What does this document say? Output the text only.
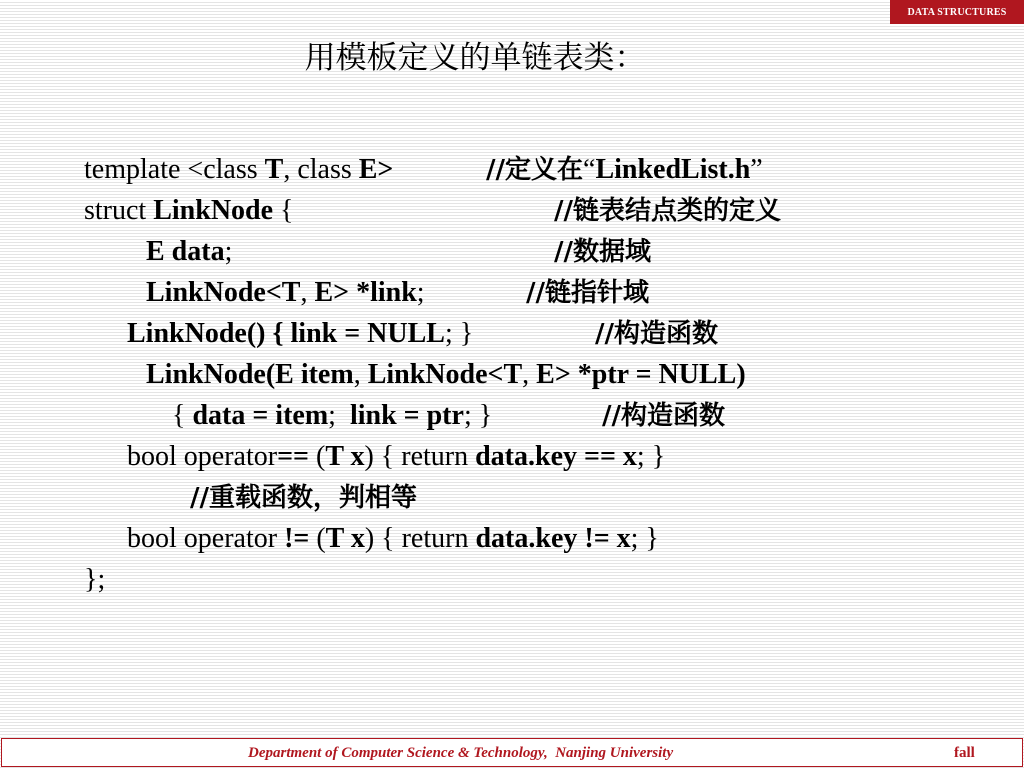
DATA STRUCTURES
用模板定义的单链表类：
template <class T, class E>	//定义在“LinkedList.h”
struct LinkNode {	//链表结点类的定义
E data;	//数据域
LinkNode<T, E> *link;	//链指针域
LinkNode() { link = NULL; }	//构造函数
LinkNode(E item, LinkNode<T, E> *ptr = NULL)
{ data = item;  link = ptr; }	//构造函数
bool operator== (T x) { return data.key == x; }
//重载函数，判相等
bool operator != (T x) { return data.key != x; }
};
Department of Computer Science & Technology,  Nanjing University	fall
